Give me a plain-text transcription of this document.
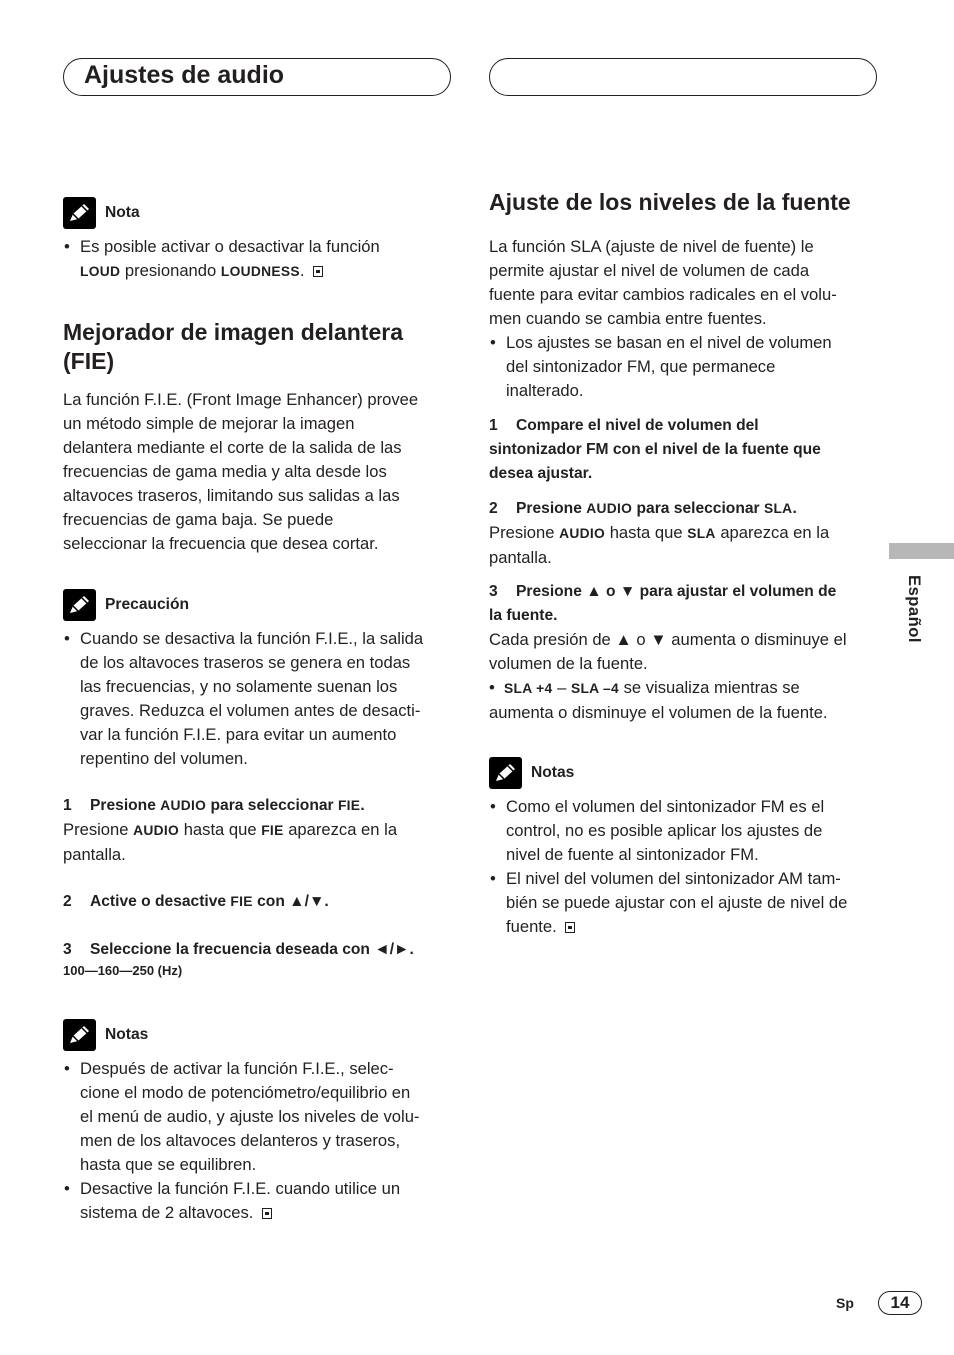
Ajustes de audio
Nota
• Es posible activar o desactivar la función
LOUD presionando LOUDNESS.
Mejorador de imagen delantera
(FIE)

La función F.I.E. (Front Image Enhancer) provee
un método simple de mejorar la imagen
delantera mediante el corte de la salida de las
frecuencias de gama media y alta desde los
altavoces traseros, limitando sus salidas a las
frecuencias de gama baja. Se puede
seleccionar la frecuencia que desea cortar.

Precaución
• Cuando se desactiva la función F.I.E., la salida
de los altavoces traseros se genera en todas
las frecuencias, y no solamente suenan los
graves. Reduzca el volumen antes de desacti-
var la función F.I.E. para evitar un aumento
repentino del volumen.

1 Presione AUDIO para seleccionar FIE.

Presione AUDIO hasta que FIE aparezca en la
pantalla.

2 Active o desactive FIE con ▲/▼.

3 Seleccione la frecuencia deseada con ◄/►.

100—160—250 (Hz)

Notas
• Después de activar la función F.I.E., selec-
cione el modo de potenciómetro/equilibrio en
el menú de audio, y ajuste los niveles de volu-
men de los altavoces delanteros y traseros,
hasta que se equilibren.
• Desactive la función F.I.E. cuando utilice un
sistema de 2 altavoces.
Ajuste de los niveles de la fuente

La función SLA (ajuste de nivel de fuente) le
permite ajustar el nivel de volumen de cada
fuente para evitar cambios radicales en el volu-
men cuando se cambia entre fuentes.

• Los ajustes se basan en el nivel de volumen
del sintonizador FM, que permanece
inalterado.

1 Compare el nivel de volumen del
sintonizador FM con el nivel de la fuente que
desea ajustar.

2 Presione AUDIO para seleccionar SLA.

Presione AUDIO hasta que SLA aparezca en la
pantalla.

3 Presione ▲ o ▼ para ajustar el volumen de
la fuente.

Cada presión de ▲ o ▼ aumenta o disminuye el
volumen de la fuente.
•  SLA +4 – SLA –4 se visualiza mientras se
aumenta o disminuye el volumen de la fuente.

Notas
• Como el volumen del sintonizador FM es el
control, no es posible aplicar los ajustes de
nivel de fuente al sintonizador FM.
• El nivel del volumen del sintonizador AM tam-
bién se puede ajustar con el ajuste de nivel de
fuente.
Español
Sp	14
